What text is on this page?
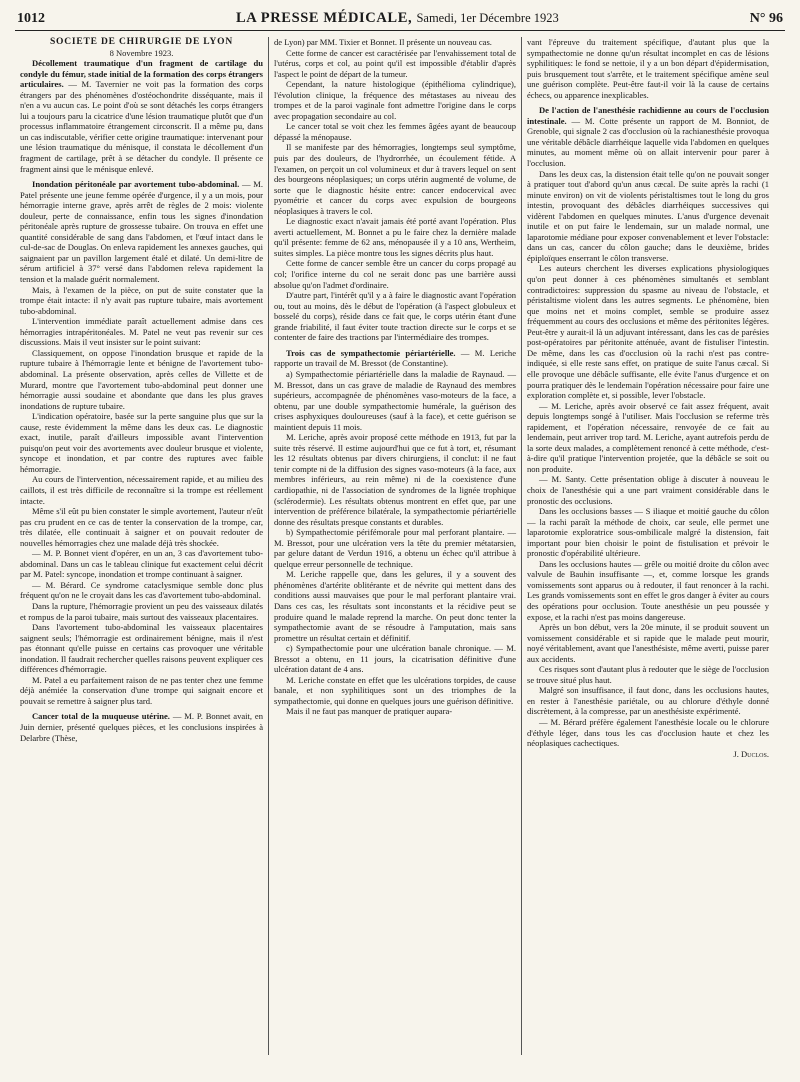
1012	LA PRESSE MÉDICALE, Samedi, 1er Décembre 1923	N° 96

SOCIÉTÉ DE CHIRURGIE DE LYON

8 Novembre 1923.

Décollement traumatique d'un fragment de cartilage du condyle du fémur, stade initial de la formation des corps étrangers articulaires. — M. Tavernier ne voit pas la formation des corps étrangers par des phénomènes d'ostéochondrite disséquante, mais il n'en a vu aucun cas. Le point d'où se sont détachés les corps étrangers lui a toujours paru la cicatrice d'une lésion traumatique plutôt que d'un processus inflammatoire étrangement circonscrit. Il a même pu, dans un cas indiscutable, vérifier cette origine traumatique: intervenant pour une lésion traumatique du ménisque, il constata le décollement d'un fragment de cartilage, prêt à se détacher du condyle. Il présente ce fragment ainsi que le ménisque enlevé.

Inondation péritonéale par avortement tubo-abdominal. — M. Patel présente une jeune femme opérée d'urgence, il y a un mois, pour hémorragie interne grave, après arrêt de règles de 2 mois: violente douleur, perte de connaissance, enfin tous les signes d'inondation péritonéale après rupture de grossesse tubaire. On trouva en effet une quantité considérable de sang dans l'abdomen, et l'œuf intact dans le cul-de-sac de Douglas. On enleva rapidement les annexes gauches, qui saignaient par un pavillon largement étalé et dilaté. Un demi-litre de sérum artificiel à 37° versé dans l'abdomen releva rapidement la tension et la malade guérit normalement.

Mais, à l'examen de la pièce, on put de suite constater que la trompe était intacte: il n'y avait pas rupture tubaire, mais avortement tubo-abdominal.

L'intervention immédiate paraît actuellement admise dans ces hémorragies intrapéritonéales. M. Patel ne veut pas revenir sur ces discussions. Mais il veut insister sur le point suivant:

Classiquement, on oppose l'inondation brusque et rapide de la rupture tubaire à l'hémorragie lente et bénigne de l'avortement tubo-abdominal. La présente observation, après celles de Villette et de Murard, montre que l'avortement tubo-abdominal peut donner une hémorragie aussi soudaine et abondante que dans les plus graves inondations de rupture tubaire.

L'indication opératoire, basée sur la perte sanguine plus que sur la cause, reste évidemment la même dans les deux cas. Le diagnostic exact, inutile, paraît d'ailleurs impossible avant l'intervention puisqu'on peut voir des avortements avec douleur brusque et violente, syncope et inondation, et par contre des ruptures avec faible hémorragie.

Au cours de l'intervention, nécessairement rapide, et au milieu des caillots, il est très difficile de reconnaître si la trompe est réellement intacte.

Même s'il eût pu bien constater le simple avortement, l'auteur n'eût pas cru prudent en ce cas de tenter la conservation de la trompe, car, très dilatée, elle continuait à saigner et on pouvait redouter de nouvelles hémorragies chez une malade déjà très shockée.

— M. P. Bonnet vient d'opérer, en un an, 3 cas d'avortement tubo-abdominal. Dans un cas le tableau clinique fut exactement celui décrit par M. Patel: syncope, inondation et trompe continuant à saigner.

— M. Bérard. Ce syndrome cataclysmique semble donc plus fréquent qu'on ne le croyait dans les cas d'avortement tubo-abdominal.

Dans la rupture, l'hémorragie provient un peu des vaisseaux dilatés et rompus de la paroi tubaire, mais surtout des vaisseaux placentaires.

Dans l'avortement tubo-abdominal les vaisseaux placentaires saignent seuls; l'hémorragie est ordinairement bénigne, mais il n'est pas étonnant qu'elle puisse en certains cas provoquer une véritable inondation. Il faudrait rechercher quelles raisons peuvent expliquer ces différences d'hémorragie.

M. Patel a eu parfaitement raison de ne pas tenter chez une femme déjà anémiée la conservation d'une trompe qui saignait encore et pouvait se remettre à saigner plus tard.

Cancer total de la muqueuse utérine. — M. P. Bonnet avait, en Juin dernier, présenté quelques pièces, et les conclusions inspirées à Delarbre (Thèse,

de Lyon) par MM. Tixier et Bonnet. Il présente un nouveau cas.

Cette forme de cancer est caractérisée par l'envahissement total de l'utérus, corps et col, au point qu'il est impossible d'établir d'après l'aspect le point de départ de la tumeur.

Cependant, la nature histologique (épithélioma cylindrique), l'évolution clinique, la fréquence des métastases au niveau des trompes et de la paroi vaginale font admettre l'origine dans le corps avec propagation secondaire au col.

Le cancer total se voit chez les femmes âgées ayant de beaucoup dépassé la ménopause.

Il se manifeste par des hémorragies, longtemps seul symptôme, puis par des douleurs, de l'hydrorrhée, un écoulement fétide. A l'examen, on perçoit un col volumineux et dur à travers lequel on sent des bourgeons néoplasiques; un corps utérin augmenté de volume, de sorte que le diagnostic hésite entre: cancer endocervical avec pyométrie et cancer du corps avec expulsion de bourgeons néoplasiques à travers le col.

Le diagnostic exact n'avait jamais été porté avant l'opération. Plus averti actuellement, M. Bonnet a pu le faire chez la dernière malade qu'il présente: femme de 62 ans, ménopausée il y a 10 ans, Wertheim, suites simples. La pièce montre tous les signes décrits plus haut.

Cette forme de cancer semble être un cancer du corps propagé au col; l'orifice interne du col ne serait donc pas une barrière aussi absolue qu'on l'admet d'ordinaire.

D'autre part, l'intérêt qu'il y a à faire le diagnostic avant l'opération ou, tout au moins, dès le début de l'opération (à l'aspect globuleux et bosselé du corps), réside dans ce fait que, le corps utérin étant d'une grande friabilité, il faut éviter toute traction directe sur le corps et se contenter de faire des tractions par l'intermédiaire des trompes.

Trois cas de sympathectomie périartérielle. — M. Leriche rapporte un travail de M. Bressot (de Constantine).

a) Sympathectomie périartérielle dans la maladie de Raynaud. — M. Bressot, dans un cas grave de maladie de Raynaud des membres supérieurs, accompagnée de phénomènes vaso-moteurs de la face, a obtenu, par une double sympathectomie humérale, la guérison des crises asphyxiques douloureuses (sauf à la face), et cette guérison se maintient depuis 11 mois.

M. Leriche, après avoir proposé cette méthode en 1913, fut par la suite très réservé. Il estime aujourd'hui que ce fut à tort, et, résumant les 12 résultats obtenus par divers chirurgiens, il conclut: il ne faut tenir compte ni de la diffusion des signes vaso-moteurs (à la face, aux membres inférieurs, au rein même) ni de la coexistence d'une cardiopathie, ni de l'association de syndromes de la lignée trophique (sclérodermie). Les résultats obtenus montrent en effet que, par une intervention de préférence bilatérale, la sympathectomie périartérielle donne des résultats presque constants et durables.

b) Sympathectomie périfémorale pour mal perforant plantaire. — M. Bressot, pour une ulcération vers la tête du premier métatarsien, par gelure datant de Verdun 1916, a obtenu un échec qu'il attribue à quelque erreur personnelle de technique.

M. Leriche rappelle que, dans les gelures, il y a souvent des phénomènes d'artérite oblitérante et de névrite qui mettent dans des conditions aussi mauvaises que pour le mal perforant plantaire vrai. Dans ces cas, les résultats sont inconstants et la récidive peut se produire quand le malade reprend la marche. On peut donc tenter la sympathectomie avant de se résoudre à l'amputation, mais sans promettre un résultat certain et définitif.

c) Sympathectomie pour une ulcération banale chronique. — M. Bressot a obtenu, en 11 jours, la cicatrisation définitive d'une ulcération datant de 4 ans.

M. Leriche constate en effet que les ulcérations torpides, de cause banale, et non syphilitiques sont un des triomphes de la sympathectomie, qui donne en quelques jours une guérison définitive.

Mais il ne faut pas manquer de pratiquer aupara-

vant l'épreuve du traitement spécifique, d'autant plus que la sympathectomie ne donne qu'un résultat incomplet en cas de lésions syphilitiques: le fond se nettoie, il y a un bon départ d'épidermisation, puis brusquement tout s'arrête, et le traitement spécifique amène seul une guérison complète. Peut-être faut-il voir là la cause de certains échecs, ou apparence inexplicables.

De l'action de l'anesthésie rachidienne au cours de l'occlusion intestinale. — M. Cotte présente un rapport de M. Bonniot, de Grenoble, qui signale 2 cas d'occlusion où la rachianesthésie provoqua une véritable débâcle diarrhéique laquelle vida l'abdomen en quelques minutes, au moment même où on allait intervenir pour parer à l'occlusion.

Dans les deux cas, la distension était telle qu'on ne pouvait songer à pratiquer tout d'abord qu'un anus cæcal. De suite après la rachi (1 minute environ) on vit de violents péristaltismes tout le long du gros intestin, provoquant des débâcles diarrhéiques successives qui vidèrent l'abdomen en quelques minutes. L'anus d'urgence devenait inutile et on put faire le lendemain, sur un malade normal, une laparotomie médiane pour exposer convenablement et lever l'obstacle: dans un cas, cancer du côlon gauche; dans le deuxième, brides épiploïques enserrant le côlon transverse.

Les auteurs cherchent les diverses explications physiologiques qu'on peut donner à ces phénomènes simultanés et semblant contradictoires: suppression du spasme au niveau de l'obstacle, et péristaltisme violent dans les autres segments. Le phénomène, bien que moins net et moins complet, semble se produire assez fréquemment au cours des occlusions et même des péritonites légères. Peut-être y aurait-il là un adjuvant intéressant, dans les cas de parésies post-opératoires par péritonite atténuée, avant de fistuliser l'intestin. De même, dans les cas d'occlusion où la rachi n'est pas contre-indiquée, si elle reste sans effet, on pratique de suite l'anus cæcal. Si elle provoque une débâcle suffisante, elle évite l'anus d'urgence et on pourra pratiquer dès le lendemain l'opération nécessaire pour faire une exploration complète et, si possible, lever l'obstacle.

— M. Leriche, après avoir observé ce fait assez fréquent, avait depuis longtemps songé à l'utiliser. Mais l'occlusion se referme très rapidement, et l'opération nécessaire, renvoyée de ce fait au lendemain, peut arriver trop tard. M. Leriche, ayant autrefois perdu de la sorte deux malades, a complètement renoncé à cette méthode, c'est-à-dire qu'il pratique l'intervention projetée, que la débâcle se soit ou non produite.

— M. Santy. Cette présentation oblige à discuter à nouveau le choix de l'anesthésie qui a une part vraiment considérable dans le pronostic des occlusions.

Dans les occlusions basses — S iliaque et moitié gauche du côlon — la rachi paraît la méthode de choix, car seule, elle permet une laparotomie exploratrice sous-ombilicale malgré la distension, fait important pour bien choisir le point de fistulisation et prévoir le pronostic d'opérabilité ultérieure.

Dans les occlusions hautes — grêle ou moitié droite du côlon avec valvule de Bauhin insuffisante —, et, comme lorsque les grands vomissements sont apparus ou à redouter, il faut renoncer à la rachi. Les grands vomissements sont en effet le gros danger à éviter au cours des opérations pour occlusion. Toute anesthésie un peu poussée y expose, et la rachi n'est pas moins dangereuse.

Après un bon début, vers la 20e minute, il se produit souvent un vomissement considérable et si rapide que le malade peut mourir, noyé véritablement, avant que l'anesthésiste, même averti, puisse parer aux accidents.

Ces risques sont d'autant plus à redouter que le siège de l'occlusion se trouve situé plus haut.

Malgré son insuffisance, il faut donc, dans les occlusions hautes, en rester à l'anesthésie pariétale, ou au chlorure d'éthyle donné discrètement, à la compresse, par un anesthésiste expérimenté.

— M. Bérard préfère également l'anesthésie locale ou le chlorure d'éthyle léger, dans tous les cas d'occlusion haute et chez les néoplasiques cachectiques.

J. Duclos.
